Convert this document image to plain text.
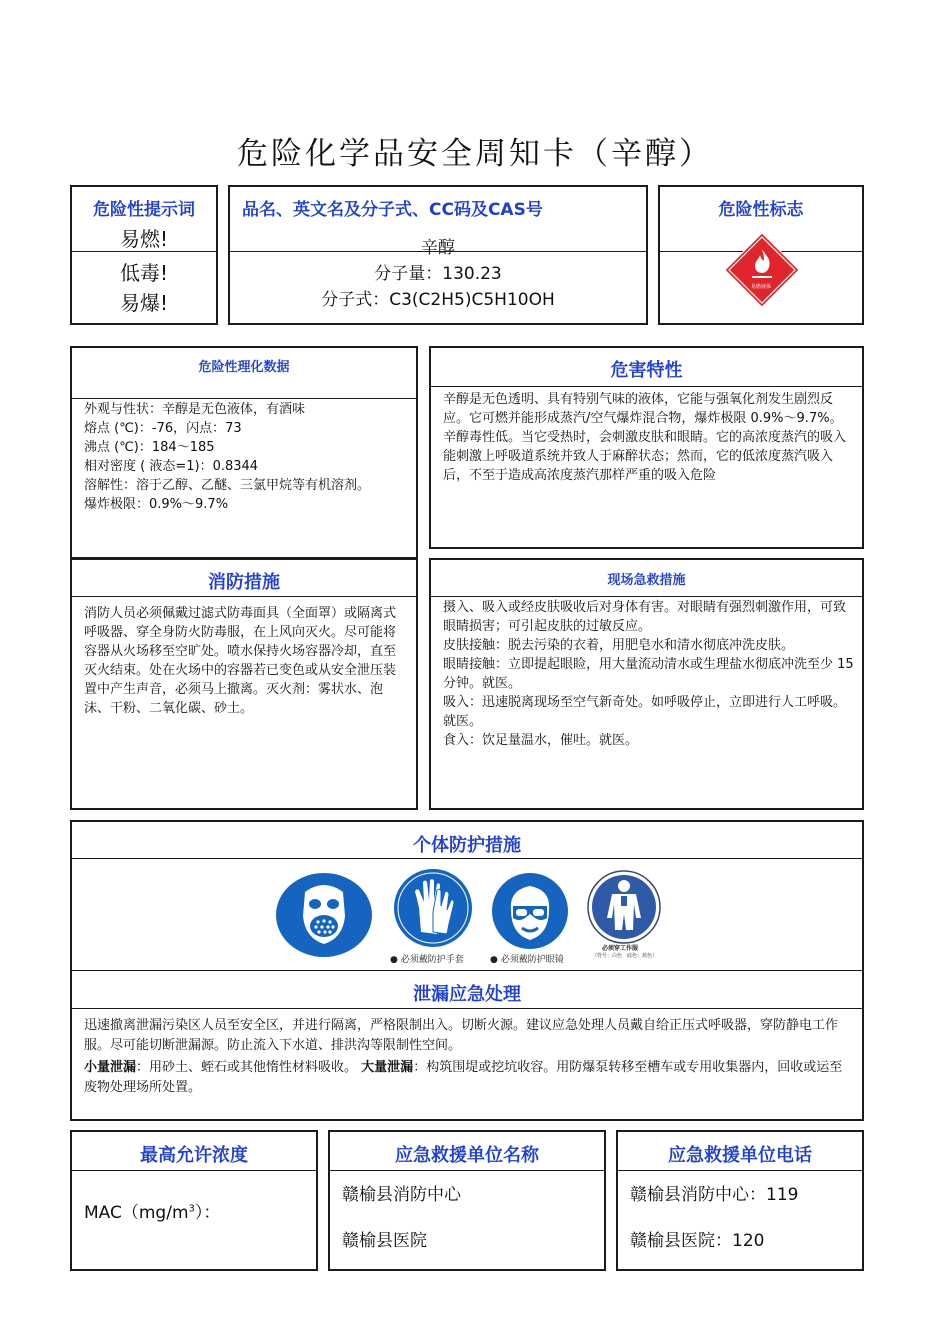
危险化学品安全周知卡（辛醇）
危险性提示词
易燃!
低毒!
易爆!
品名、英文名及分子式、CC码及CAS号
辛醇
分子量：130.23
分子式：C3(C2H5)C5H10OH
危险性标志
易燃液体
危险性理化数据
外观与性状：辛醇是无色液体，有酒味
熔点 (℃)：-76，闪点：73
沸点 (℃)：184～185
相对密度 ( 液态=1)：0.8344
溶解性：溶于乙醇、乙醚、三氯甲烷等有机溶剂。
爆炸极限：0.9%～9.7%
危害特性
辛醇是无色透明、具有特别气味的液体，它能与强氧化剂发生剧烈反应。它可燃并能形成蒸汽/空气爆炸混合物，爆炸极限 0.9%～9.7%。辛醇毒性低。当它受热时，会刺激皮肤和眼睛。它的高浓度蒸汽的吸入能刺激上呼吸道系统并致人于麻醉状态；然而，它的低浓度蒸汽吸入后，不至于造成高浓度蒸汽那样严重的吸入危险
消防措施
消防人员必须佩戴过滤式防毒面具（全面罩）或隔离式呼吸器、穿全身防火防毒服，在上风向灭火。尽可能将容器从火场移至空旷处。喷水保持火场容器冷却，直至灭火结束。处在火场中的容器若已变色或从安全泄压装置中产生声音，必须马上撤离。灭火剂：雾状水、泡沫、干粉、二氧化碳、砂土。
现场急救措施
摄入、吸入或经皮肤吸收后对身体有害。对眼睛有强烈刺激作用，可致眼睛损害；可引起皮肤的过敏反应。
皮肤接触：脱去污染的衣着，用肥皂水和清水彻底冲洗皮肤。
眼睛接触：立即提起眼睑，用大量流动清水或生理盐水彻底冲洗至少 15 分钟。就医。
吸入：迅速脱离现场至空气新奇处。如呼吸停止，立即进行人工呼吸。就医。
食入：饮足量温水，催吐。就医。
个体防护措施
● 必须戴防护手套	● 必须戴防护眼镜
必须穿工作服
（符号：白色　底色：蓝色）
泄漏应急处理
迅速撤离泄漏污染区人员至安全区，并进行隔离，严格限制出入。切断火源。建议应急处理人员戴自给正压式呼吸器，穿防静电工作服。尽可能切断泄漏源。防止流入下水道、排洪沟等限制性空间。
小量泄漏：用砂土、蛭石或其他惰性材料吸收。 大量泄漏：构筑围堤或挖坑收容。用防爆泵转移至槽车或专用收集器内，回收或运至废物处理场所处置。
最高允许浓度
$MAC(mg/m^3)$：
应急救援单位名称
赣榆县消防中心
赣榆县医院
应急救援单位电话
赣榆县消防中心：119
赣榆县医院：120
